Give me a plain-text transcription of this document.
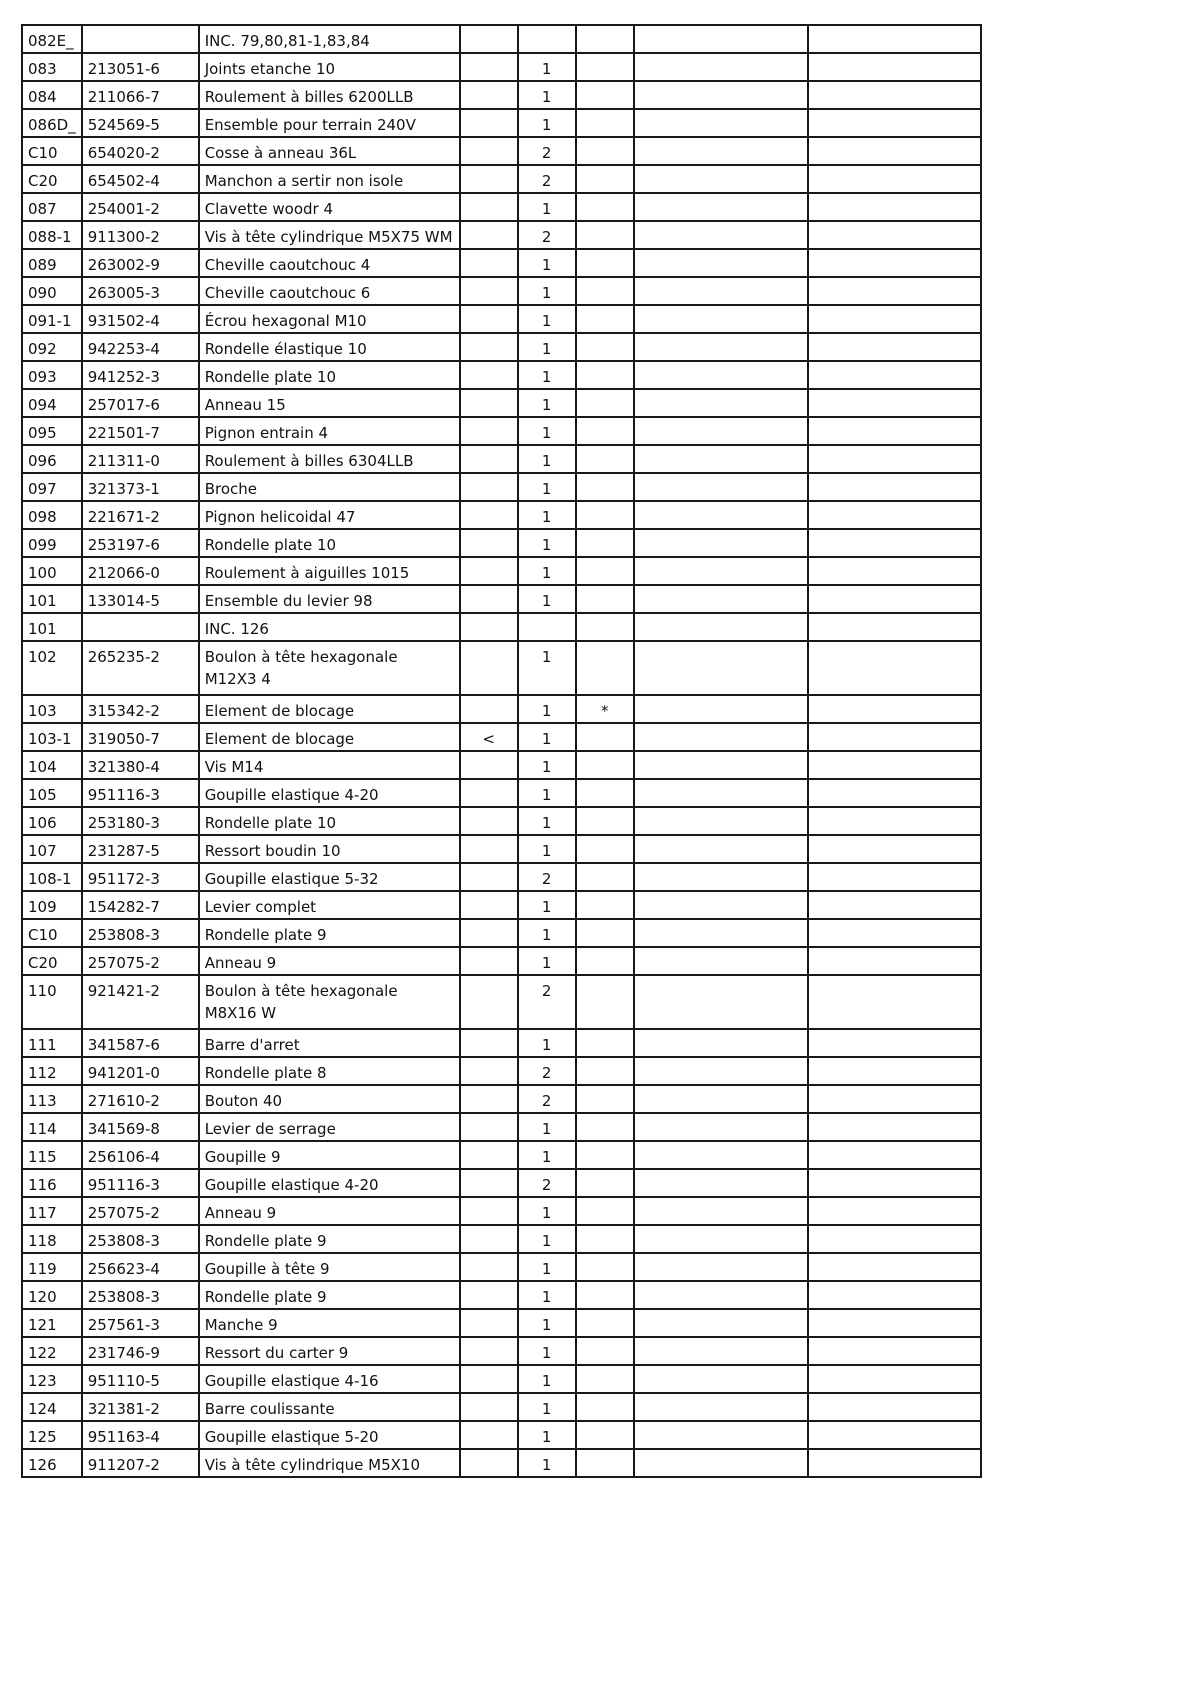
082E_		INC. 79,80,81-1,83,84					
083	213051-6	Joints etanche 10		1			
084	211066-7	Roulement à billes 6200LLB		1			
086D_	524569-5	Ensemble pour terrain 240V		1			
C10	654020-2	Cosse à anneau 36L		2			
C20	654502-4	Manchon a sertir non isole		2			
087	254001-2	Clavette woodr 4		1			
088-1	911300-2	Vis à tête cylindrique M5X75 WM		2			
089	263002-9	Cheville caoutchouc 4		1			
090	263005-3	Cheville caoutchouc 6		1			
091-1	931502-4	Écrou hexagonal M10		1			
092	942253-4	Rondelle élastique 10		1			
093	941252-3	Rondelle plate 10		1			
094	257017-6	Anneau 15		1			
095	221501-7	Pignon entrain 4		1			
096	211311-0	Roulement à billes 6304LLB		1			
097	321373-1	Broche		1			
098	221671-2	Pignon helicoidal 47		1			
099	253197-6	Rondelle plate 10		1			
100	212066-0	Roulement à aiguilles 1015		1			
101	133014-5	Ensemble du levier 98		1			
101		INC. 126					
102	265235-2	Boulon à tête hexagonale M12X3 4		1			
103	315342-2	Element de blocage		1	*		
103-1	319050-7	Element de blocage	<	1			
104	321380-4	Vis M14		1			
105	951116-3	Goupille elastique 4-20		1			
106	253180-3	Rondelle plate 10		1			
107	231287-5	Ressort boudin 10		1			
108-1	951172-3	Goupille elastique 5-32		2			
109	154282-7	Levier complet		1			
C10	253808-3	Rondelle plate 9		1			
C20	257075-2	Anneau 9		1			
110	921421-2	Boulon à tête hexagonale M8X16 W		2			
111	341587-6	Barre d'arret		1			
112	941201-0	Rondelle plate 8		2			
113	271610-2	Bouton 40		2			
114	341569-8	Levier de serrage		1			
115	256106-4	Goupille 9		1			
116	951116-3	Goupille elastique 4-20		2			
117	257075-2	Anneau 9		1			
118	253808-3	Rondelle plate 9		1			
119	256623-4	Goupille à tête 9		1			
120	253808-3	Rondelle plate 9		1			
121	257561-3	Manche 9		1			
122	231746-9	Ressort du carter 9		1			
123	951110-5	Goupille elastique 4-16		1			
124	321381-2	Barre coulissante		1			
125	951163-4	Goupille elastique 5-20		1			
126	911207-2	Vis à tête cylindrique M5X10		1			
